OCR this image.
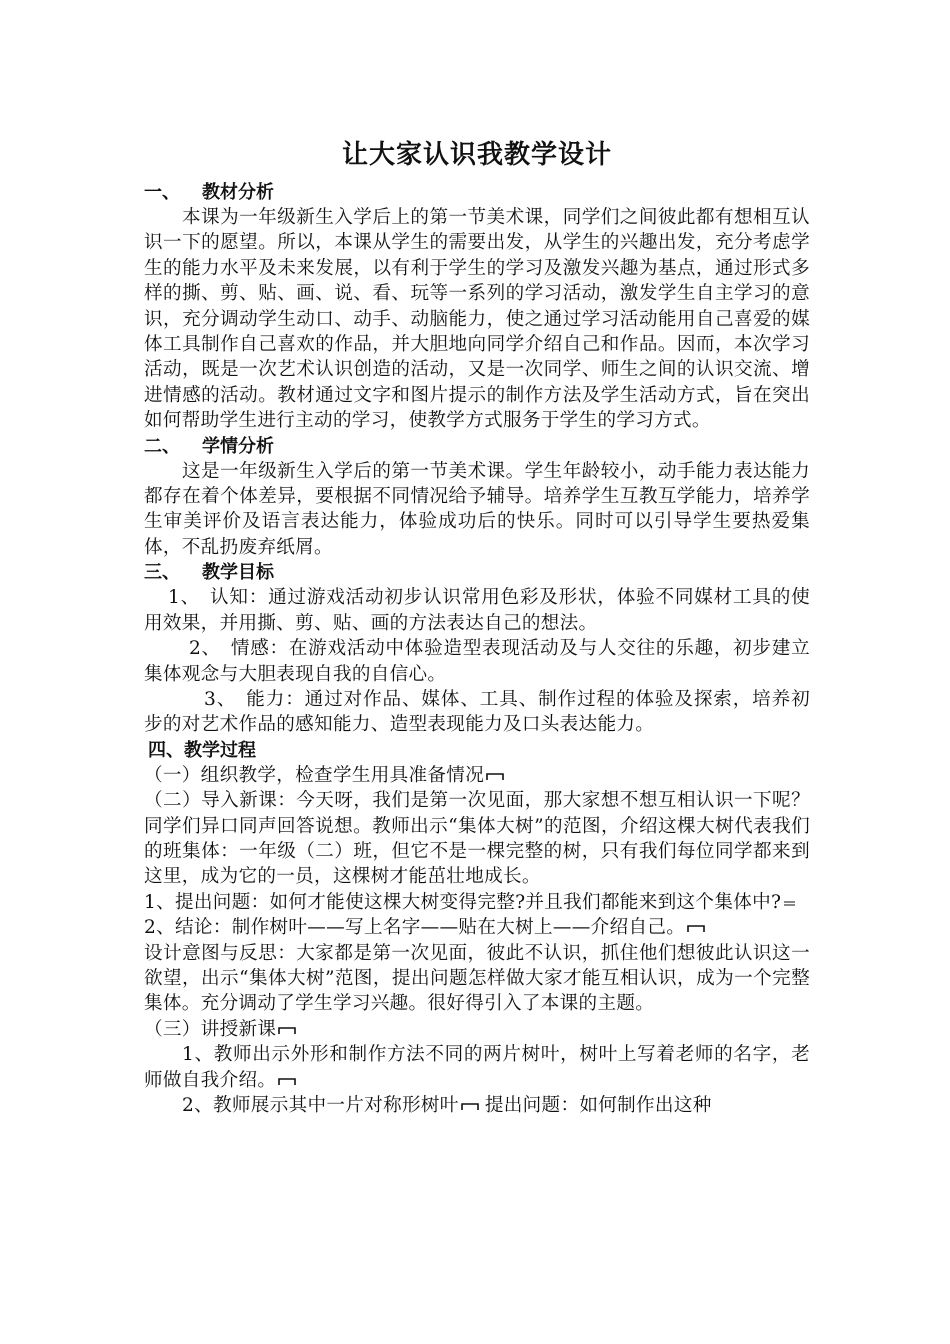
让大家认识我教学设计
一、 教材分析

本课为一年级新生入学后上的第一节美术课，同学们之间彼此都有想相互认识一下的愿望。所以，本课从学生的需要出发，从学生的兴趣出发，充分考虑学生的能力水平及未来发展，以有利于学生的学习及激发兴趣为基点，通过形式多样的撕、剪、贴、画、说、看、玩等一系列的学习活动，激发学生自主学习的意识，充分调动学生动口、动手、动脑能力，使之通过学习活动能用自己喜爱的媒体工具制作自己喜欢的作品，并大胆地向同学介绍自己和作品。因而，本次学习活动，既是一次艺术认识创造的活动，又是一次同学、师生之间的认识交流、增进情感的活动。教材通过文字和图片提示的制作方法及学生活动方式，旨在突出如何帮助学生进行主动的学习，使教学方式服务于学生的学习方式。

二、 学情分析

这是一年级新生入学后的第一节美术课。学生年龄较小，动手能力表达能力都存在着个体差异，要根据不同情况给予辅导。培养学生互教互学能力，培养学生审美评价及语言表达能力，体验成功后的快乐。同时可以引导学生要热爱集体，不乱扔废弃纸屑。

三、 教学目标

1、　认知：通过游戏活动初步认识常用色彩及形状，体验不同媒材工具的使用效果，并用撕、剪、贴、画的方法表达自己的想法。

2、　情感：在游戏活动中体验造型表现活动及与人交往的乐趣，初步建立集体观念与大胆表现自我的自信心。

3、　能力：通过对作品、媒体、工具、制作过程的体验及探索，培养初步的对艺术作品的感知能力、造型表现能力及口头表达能力。

四、教学过程

（一）组织教学，检查学生用具准备情况

（二）导入新课：今天呀，我们是第一次见面，那大家想不想互相认识一下呢？同学们异口同声回答说想。教师出示“集体大树”的范图，介绍这棵大树代表我们的班集体：一年级（二）班，但它不是一棵完整的树，只有我们每位同学都来到这里，成为它的一员，这棵树才能茁壮地成长。

1、提出问题：如何才能使这棵大树变得完整?并且我们都能来到这个集体中?

2、结论：制作树叶——写上名字——贴在大树上——介绍自己。

设计意图与反思：大家都是第一次见面，彼此不认识，抓住他们想彼此认识这一欲望，出示“集体大树”范图，提出问题怎样做大家才能互相认识，成为一个完整集体。充分调动了学生学习兴趣。很好得引入了本课的主题。

（三）讲授新课

1、教师出示外形和制作方法不同的两片树叶，树叶上写着老师的名字，老师做自我介绍。

2、教师展示其中一片对称形树叶 提出问题：如何制作出这种
